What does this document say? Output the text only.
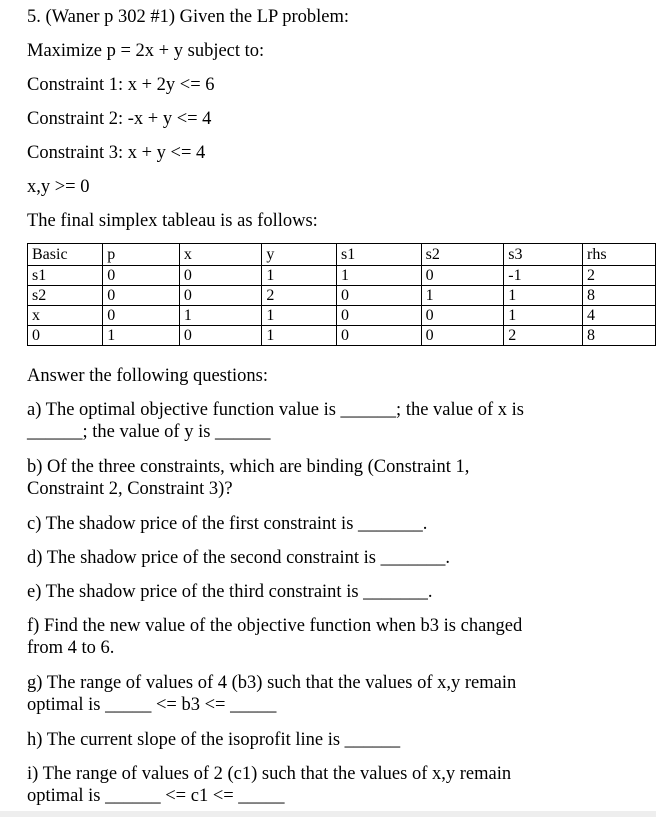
5. (Waner p 302 #1) Given the LP problem:
Maximize p = 2x + y subject to:
Constraint 1: x + 2y <= 6
Constraint 2: -x + y <= 4
Constraint 3: x + y <= 4
x,y >= 0
The final simplex tableau is as follows:
Basic	p	x	y	s1	s2	s3	rhs
s1	0	0	1	1	0	-1	2
s2	0	0	2	0	1	1	8
x	0	1	1	0	0	1	4
0	1	0	1	0	0	2	8
Answer the following questions:
a) The optimal objective function value is ______; the value of x is
______; the value of y is ______
b) Of the three constraints, which are binding (Constraint 1,
Constraint 2, Constraint 3)?
c) The shadow price of the first constraint is _______.
d) The shadow price of the second constraint is _______.
e) The shadow price of the third constraint is _______.
f) Find the new value of the objective function when b3 is changed
from 4 to 6.
g) The range of values of 4 (b3) such that the values of x,y remain
optimal is _____ <= b3 <= _____
h) The current slope of the isoprofit line is ______
i) The range of values of 2 (c1) such that the values of x,y remain
optimal is ______ <= c1 <= _____
